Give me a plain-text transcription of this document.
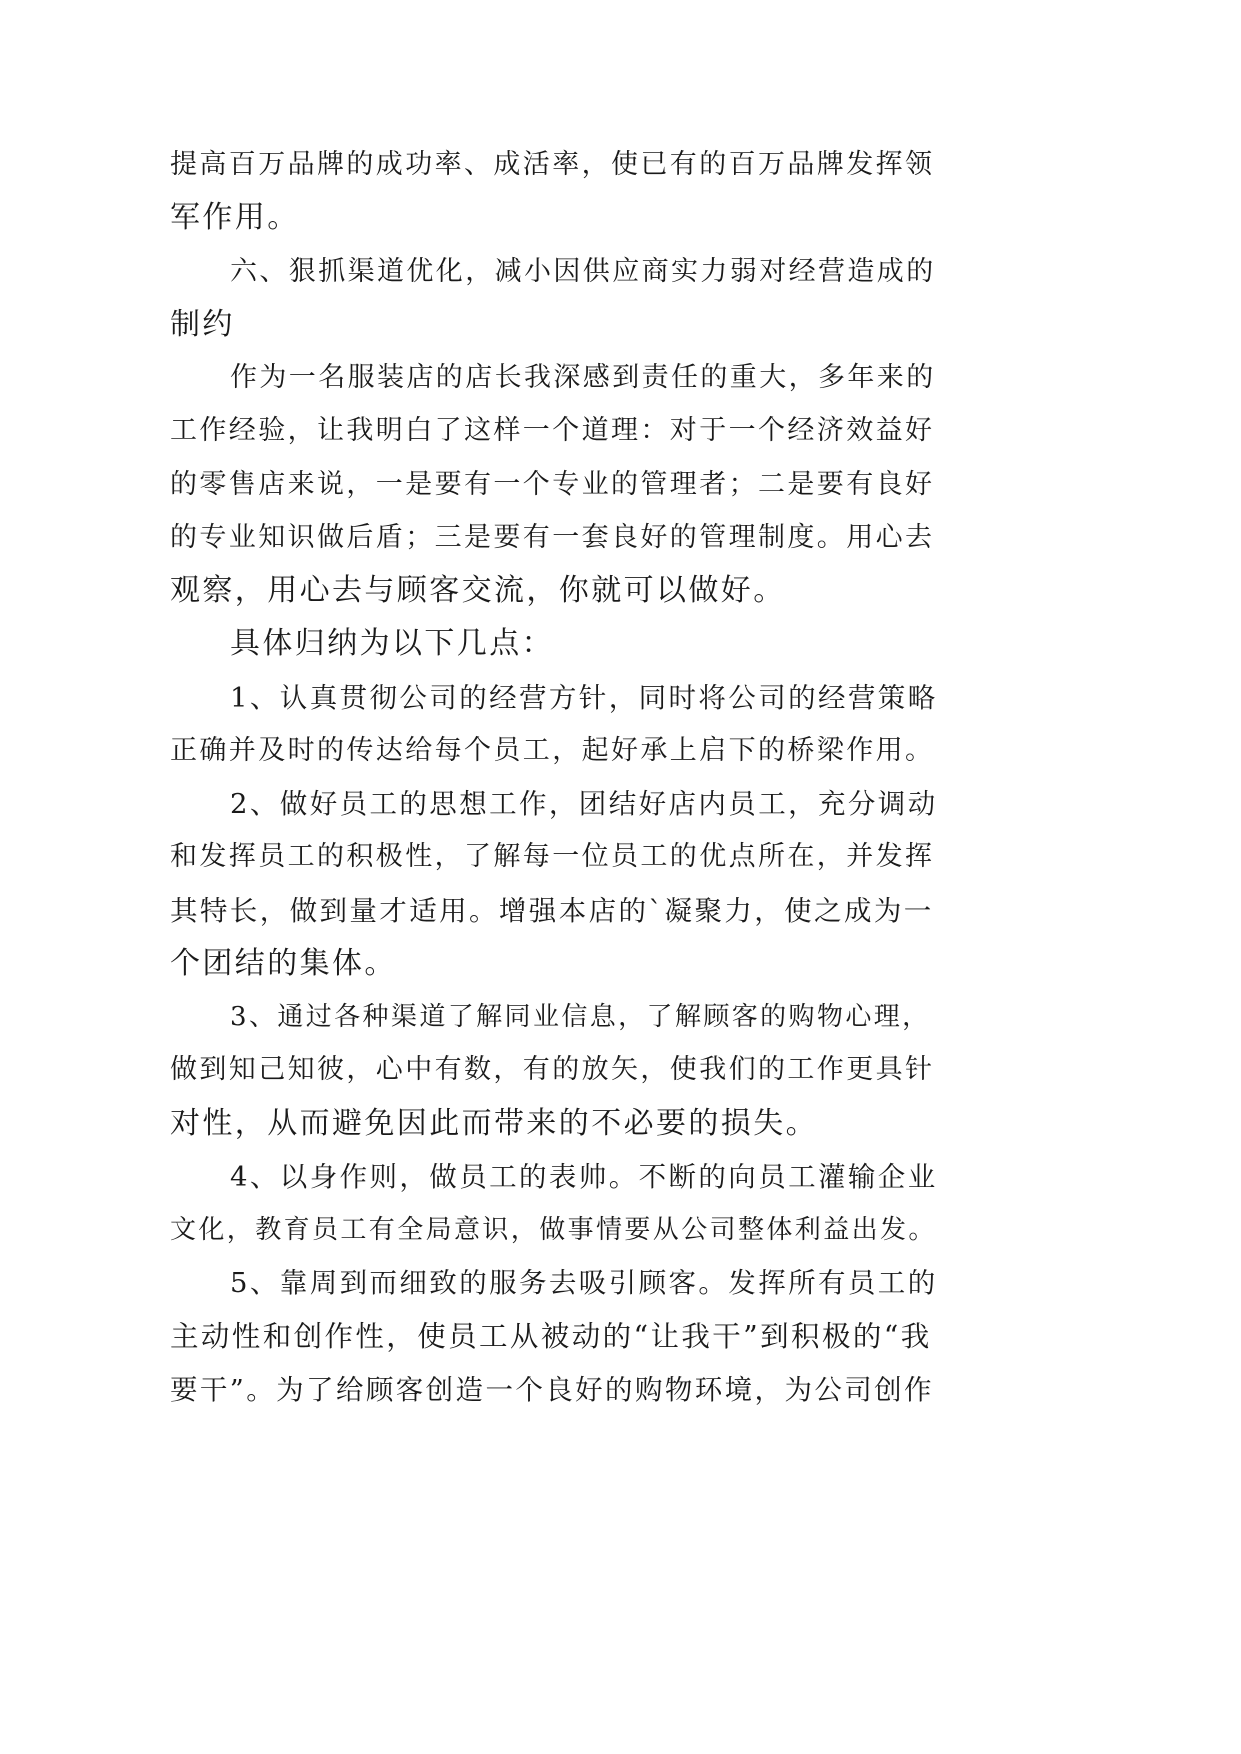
提高百万品牌的成功率、成活率，使已有的百万品牌发挥领
军作用。
六、狠抓渠道优化，减小因供应商实力弱对经营造成的
制约
作为一名服装店的店长我深感到责任的重大，多年来的
工作经验，让我明白了这样一个道理：对于一个经济效益好
的零售店来说，一是要有一个专业的管理者；二是要有良好
的专业知识做后盾；三是要有一套良好的管理制度。用心去
观察，用心去与顾客交流，你就可以做好。
具体归纳为以下几点：
1、认真贯彻公司的经营方针，同时将公司的经营策略
正确并及时的传达给每个员工，起好承上启下的桥梁作用。
2、做好员工的思想工作，团结好店内员工，充分调动
和发挥员工的积极性，了解每一位员工的优点所在，并发挥
其特长，做到量才适用。增强本店的`凝聚力，使之成为一
个团结的集体。
3、通过各种渠道了解同业信息，了解顾客的购物心理，
做到知己知彼，心中有数，有的放矢，使我们的工作更具针
对性，从而避免因此而带来的不必要的损失。
4、以身作则，做员工的表帅。不断的向员工灌输企业
文化，教育员工有全局意识，做事情要从公司整体利益出发。
5、靠周到而细致的服务去吸引顾客。发挥所有员工的
主动性和创作性，使员工从被动的“让我干”到积极的“我
要干”。为了给顾客创造一个良好的购物环境，为公司创作
